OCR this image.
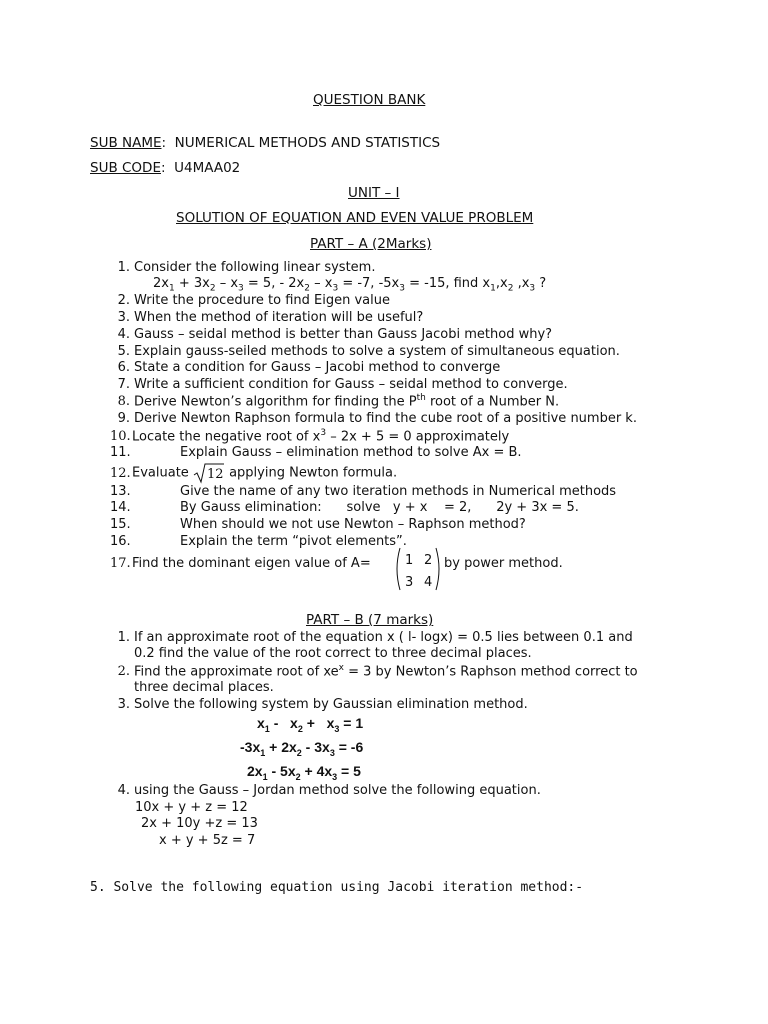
QUESTION BANK
SUB NAME:  NUMERICAL METHODS AND STATISTICS
SUB CODE:  U4MAA02
UNIT – I
SOLUTION OF EQUATION AND EVEN VALUE PROBLEM
PART – A (2Marks)
1. Consider the following linear system.
$2x_1 + 3x_2 - x_3 = 5$, - $2x_2 - x_3 = -7$, $-5x_3 = -15$, find $x_1,x_2$ $,x_3$ ?
2. Write the procedure to find Eigen value
3. When the method of iteration will be useful?
4. Gauss – seidal method is better than Gauss Jacobi method why?
5. Explain gauss-seiled methods to solve a system of simultaneous equation.
6. State a condition for Gauss – Jacobi method to converge
7. Write a sufficient condition for Gauss – seidal method to converge.
8. Derive Newton’s algorithm for finding the $P^{th}$ root of a Number N.
9. Derive Newton Raphson formula to find the cube root of a positive number k.
10.Locate the negative root of $x^3 - 2x + 5 = 0$ approximately
11.	Explain Gauss – elimination method to solve Ax = B.
12.Evaluate 12 applying Newton formula.
13.	Give the name of any two iteration methods in Numerical methods
14.	By Gauss elimination:      solve   y + x    = 2,      2y + 3x = 5.
15.	When should we not use Newton – Raphson method?
16.	Explain the term “pivot elements”.
17.Find the dominant eigen value of A=	1 2
3 4
by power method.
PART – B (7 marks)
1. If an approximate root of the equation x ( l- logx) = 0.5 lies between 0.1 and
0.2 find the value of the root correct to three decimal places.
2. Find the approximate root of $xe^x = 3$ by Newton’s Raphson method correct to
three decimal places.
3. Solve the following system by Gaussian elimination method.
$x_1 - x_2 + x_3 = 1$
$-3x_1 + 2x_2 - 3x_3 = -6$
$2x_1 - 5x_2 + 4x_3 = 5$
4. using the Gauss – Jordan method solve the following equation.
10x + y + z = 12
2x + 10y +z = 13
x + y + 5z = 7
5. Solve the following equation using Jacobi iteration method:-
